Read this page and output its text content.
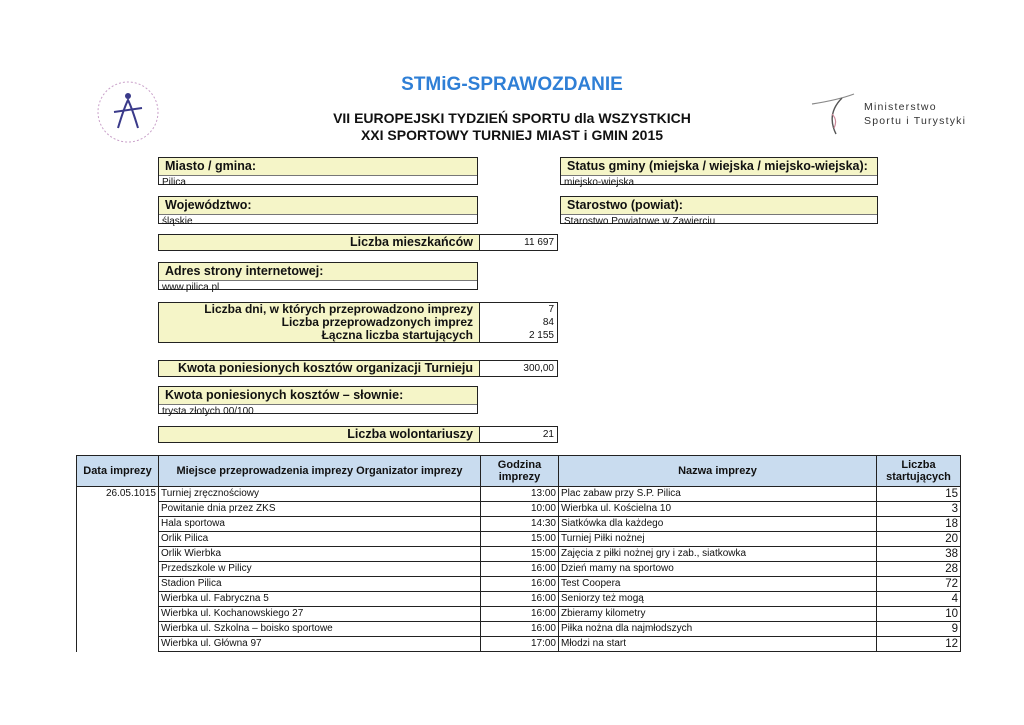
STMiG-SPRAWOZDANIE
VII EUROPEJSKI TYDZIEŃ SPORTU dla WSZYSTKICH
XXI SPORTOWY TURNIEJ MIAST i GMIN 2015
Ministerstwo
Sportu i Turystyki
Miasto / gmina:
Pilica
Status gminy (miejska / wiejska / miejsko-wiejska):
miejsko-wiejska
Województwo:
śląskie
Starostwo (powiat):
Starostwo Powiatowe w Zawierciu
Liczba mieszkańców	11 697
Adres strony internetowej:
www.pilica.pl
Liczba dni, w których przeprowadzono imprezy	7
Liczba przeprowadzonych imprez	84
Łączna liczba startujących	2 155
Kwota poniesionych kosztów organizacji Turnieju	300,00
Kwota poniesionych kosztów – słownie:
trysta złotych 00/100
Liczba wolontariuszy	21
Data imprezy	Miejsce przeprowadzenia imprezy Organizator imprezy	Godzina imprezy	Nazwa imprezy	Liczba startujących
26.05.1015	Turniej zręcznościowy	13:00	Plac zabaw przy S.P. Pilica	15
	Powitanie dnia przez ZKS	10:00	Wierbka ul. Kościelna 10	3
	Hala sportowa	14:30	Siatkówka dla każdego	18
	Orlik Pilica	15:00	Turniej Piłki nożnej	20
	Orlik Wierbka	15:00	Zajęcia z piłki nożnej gry i zab., siatkowka	38
	Przedszkole w Pilicy	16:00	Dzień mamy na sportowo	28
	Stadion Pilica	16:00	Test Coopera	72
	Wierbka ul. Fabryczna 5	16:00	Seniorzy też mogą	4
	Wierbka ul. Kochanowskiego 27	16:00	Zbieramy kilometry	10
	Wierbka ul. Szkolna – boisko sportowe	16:00	Piłka nożna dla najmłodszych	9
	Wierbka ul. Główna 97	17:00	Młodzi na start	12
